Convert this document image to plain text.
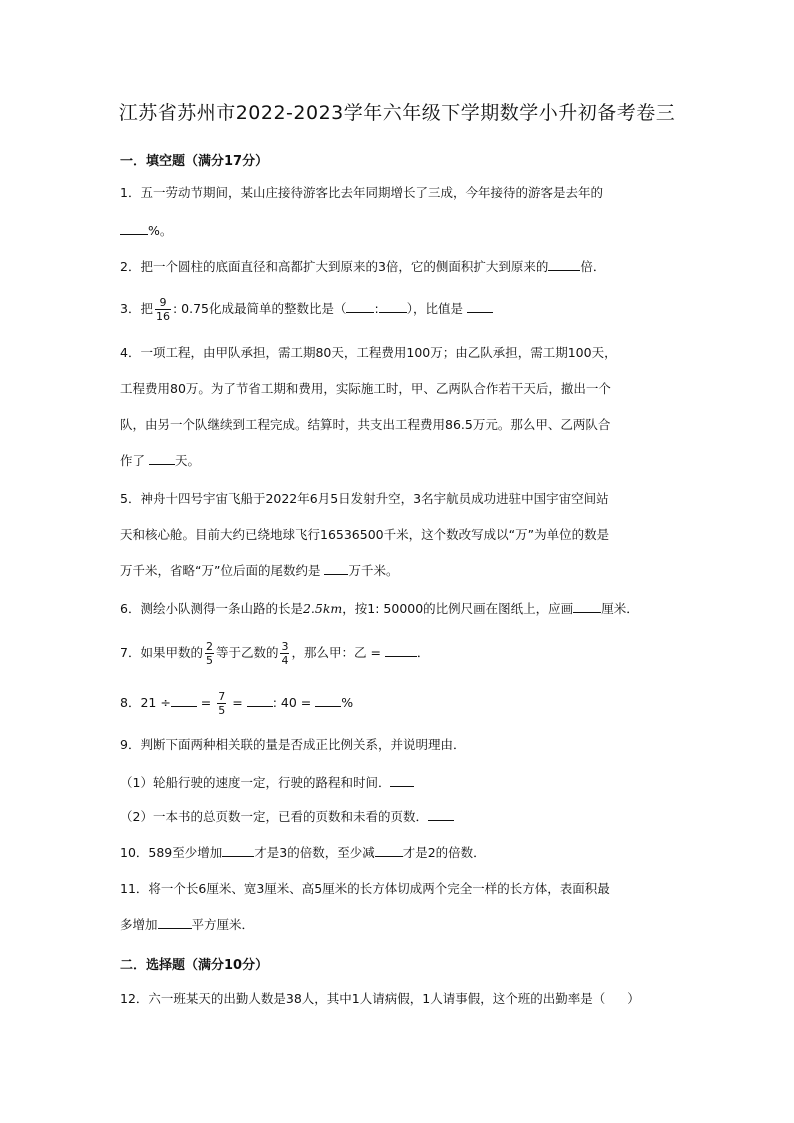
江苏省苏州市2022-2023学年六年级下学期数学小升初备考卷三
一．填空题（满分17分）
1．五一劳动节期间，某山庄接待游客比去年同期增长了三成，今年接待的游客是去年的
%。
2．把一个圆柱的底面直径和高都扩大到原来的3倍，它的侧面积扩大到原来的	倍．
3．把 $\frac{9}{16}$ : 0.75化成最简单的整数比是（ : ），比值是
4．一项工程，由甲队承担，需工期80天，工程费用100万；由乙队承担，需工期100天，
工程费用80万。为了节省工期和费用，实际施工时，甲、乙两队合作若干天后，撤出一个
队，由另一个队继续到工程完成。结算时，共支出工程费用86.5万元。那么甲、乙两队合
作了 天。
5．神舟十四号宇宙飞船于2022年6月5日发射升空，3名宇航员成功进驻中国宇宙空间站
天和核心舱。目前大约已绕地球飞行16536500千米，这个数改写成以“万”为单位的数是
万千米，省略“万”位后面的尾数约是 万千米。
6．测绘小队测得一条山路的长是2.5km，按1: 50000的比例尺画在图纸上，应画 厘米．
7．如果甲数的 $\frac{2}{5}$ 等于乙数的 $\frac{3}{4}$ ，那么甲：乙 =	．
8．21 ÷ = $\frac{7}{5}$ = : 40 = %
9．判断下面两种相关联的量是否成正比例关系，并说明理由．
（1）轮船行驶的速度一定，行驶的路程和时间．
（2）一本书的总页数一定，已看的页数和未看的页数．
10．589至少增加	才是3的倍数，至少减 才是2的倍数．
11．将一个长6厘米、宽3厘米、高5厘米的长方体切成两个完全一样的长方体，表面积最
多增加	平方厘米．
二．选择题（满分10分）
12．六一班某天的出勤人数是38人，其中1人请病假，1人请事假，这个班的出勤率是（ ）
